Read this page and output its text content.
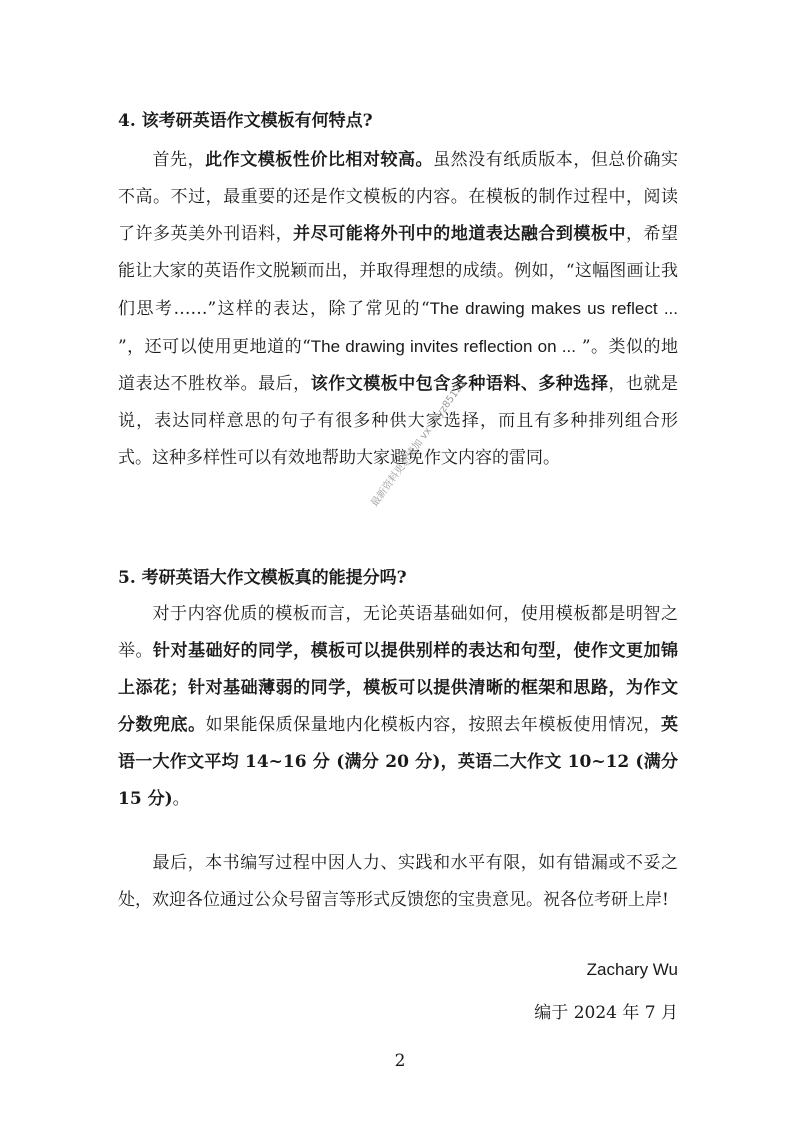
4. 该考研英语作文模板有何特点?
首先，此作文模板性价比相对较高。虽然没有纸质版本，但总价确实不高。不过，最重要的还是作文模板的内容。在模板的制作过程中，阅读了许多英美外刊语料，并尽可能将外刊中的地道表达融合到模板中，希望能让大家的英语作文脱颖而出，并取得理想的成绩。例如，“这幅图画让我们思考……”这样的表达，除了常见的“The drawing makes us reflect ... ”，还可以使用更地道的“The drawing invites reflection on ... ”。类似的地道表达不胜枚举。最后，该作文模板中包含多种语料、多种选择，也就是说，表达同样意思的句子有很多种供大家选择，而且有多种排列组合形式。这种多样性可以有效地帮助大家避免作文内容的雷同。
5. 考研英语大作文模板真的能提分吗?
对于内容优质的模板而言，无论英语基础如何，使用模板都是明智之举。针对基础好的同学，模板可以提供别样的表达和句型，使作文更加锦上添花；针对基础薄弱的同学，模板可以提供清晰的框架和思路，为作文分数兜底。如果能保质保量地内化模板内容，按照去年模板使用情况，英语一大作文平均 14~16 分 (满分 20 分)，英语二大作文 10~12 (满分 15 分)。
最后，本书编写过程中因人力、实践和水平有限，如有错漏或不妥之处，欢迎各位通过公众号留言等形式反馈您的宝贵意见。祝各位考研上岸!
Zachary Wu
编于 2024 年 7 月
2
最新资料更新请加 vx：kyz85121
